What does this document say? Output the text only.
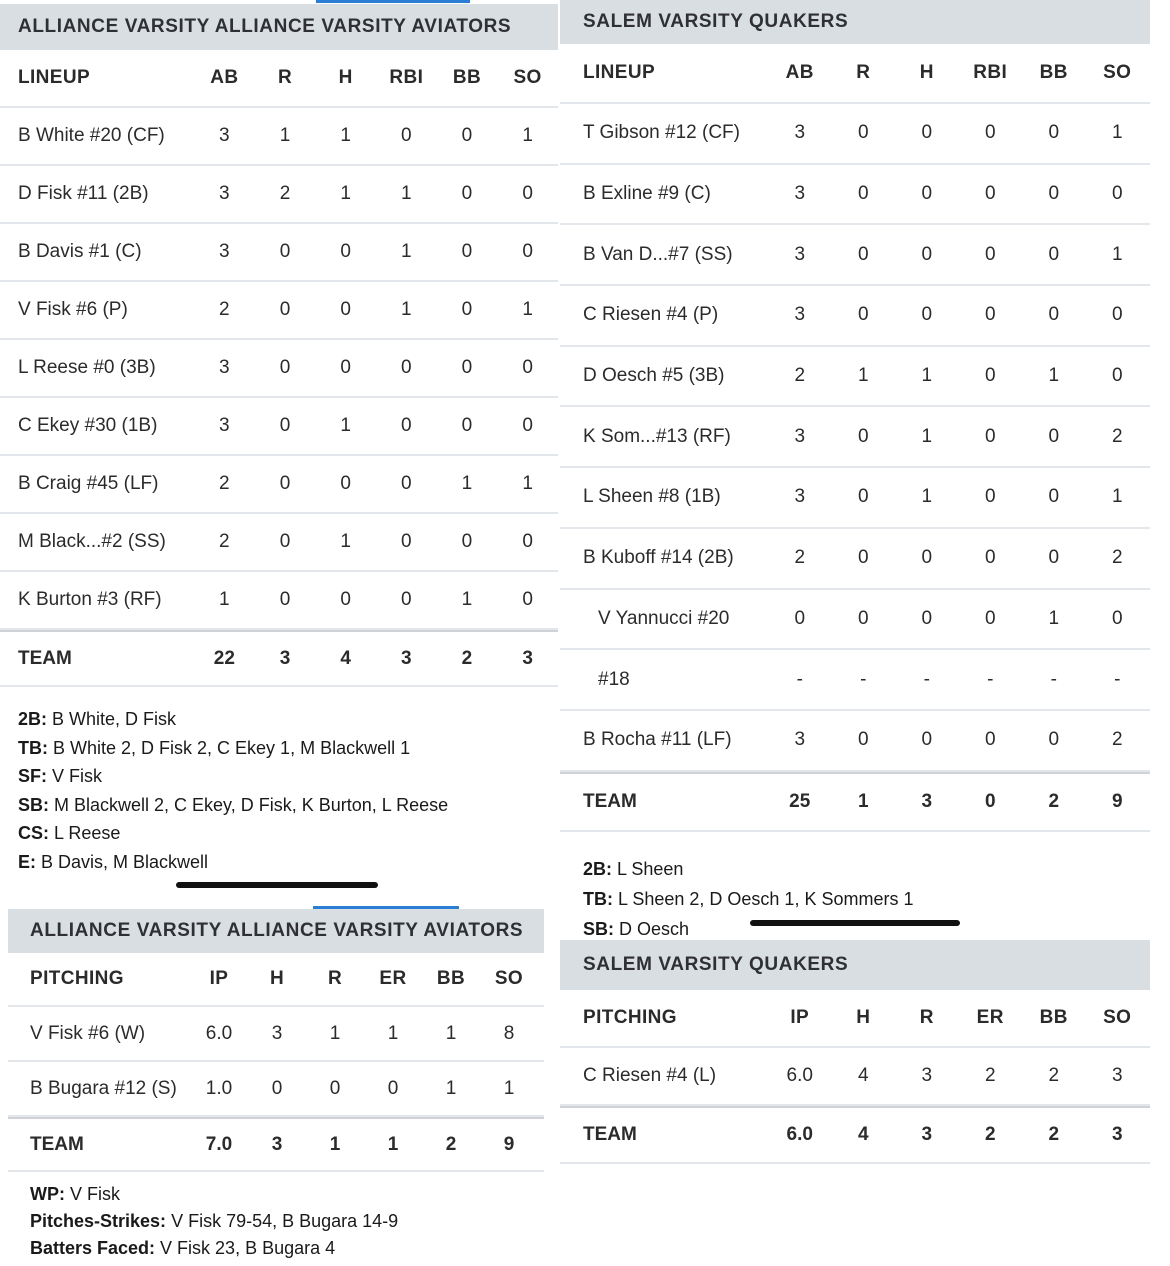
ALLIANCE VARSITY ALLIANCE VARSITY AVIATORS
LINEUP	AB	R	H	RBI	BB	SO
B White #20 (CF)	3	1	1	0	0	1
D Fisk #11 (2B)	3	2	1	1	0	0
B Davis #1 (C)	3	0	0	1	0	0
V Fisk #6 (P)	2	0	0	1	0	1
L Reese #0 (3B)	3	0	0	0	0	0
C Ekey #30 (1B)	3	0	1	0	0	0
B Craig #45 (LF)	2	0	0	0	1	1
M Black...#2 (SS)	2	0	1	0	0	0
K Burton #3 (RF)	1	0	0	0	1	0
TEAM	22	3	4	3	2	3
2B: B White, D Fisk
TB: B White 2, D Fisk 2, C Ekey 1, M Blackwell 1
SF: V Fisk
SB: M Blackwell 2, C Ekey, D Fisk, K Burton, L Reese
CS: L Reese
E: B Davis, M Blackwell
ALLIANCE VARSITY ALLIANCE VARSITY AVIATORS
PITCHING	IP	H	R	ER	BB	SO
V Fisk #6 (W)	6.0	3	1	1	1	8
B Bugara #12 (S)	1.0	0	0	0	1	1
TEAM	7.0	3	1	1	2	9
WP: V Fisk
Pitches-Strikes: V Fisk 79-54, B Bugara 14-9
Batters Faced: V Fisk 23, B Bugara 4
SALEM VARSITY QUAKERS
LINEUP	AB	R	H	RBI	BB	SO
T Gibson #12 (CF)	3	0	0	0	0	1
B Exline #9 (C)	3	0	0	0	0	0
B Van D...#7 (SS)	3	0	0	0	0	1
C Riesen #4 (P)	3	0	0	0	0	0
D Oesch #5 (3B)	2	1	1	0	1	0
K Som...#13 (RF)	3	0	1	0	0	2
L Sheen #8 (1B)	3	0	1	0	0	1
B Kuboff #14 (2B)	2	0	0	0	0	2
V Yannucci #20	0	0	0	0	1	0
#18	-	-	-	-	-	-
B Rocha #11 (LF)	3	0	0	0	0	2
TEAM	25	1	3	0	2	9
2B: L Sheen
TB: L Sheen 2, D Oesch 1, K Sommers 1
SB: D Oesch
SALEM VARSITY QUAKERS
PITCHING	IP	H	R	ER	BB	SO
C Riesen #4 (L)	6.0	4	3	2	2	3
TEAM	6.0	4	3	2	2	3
